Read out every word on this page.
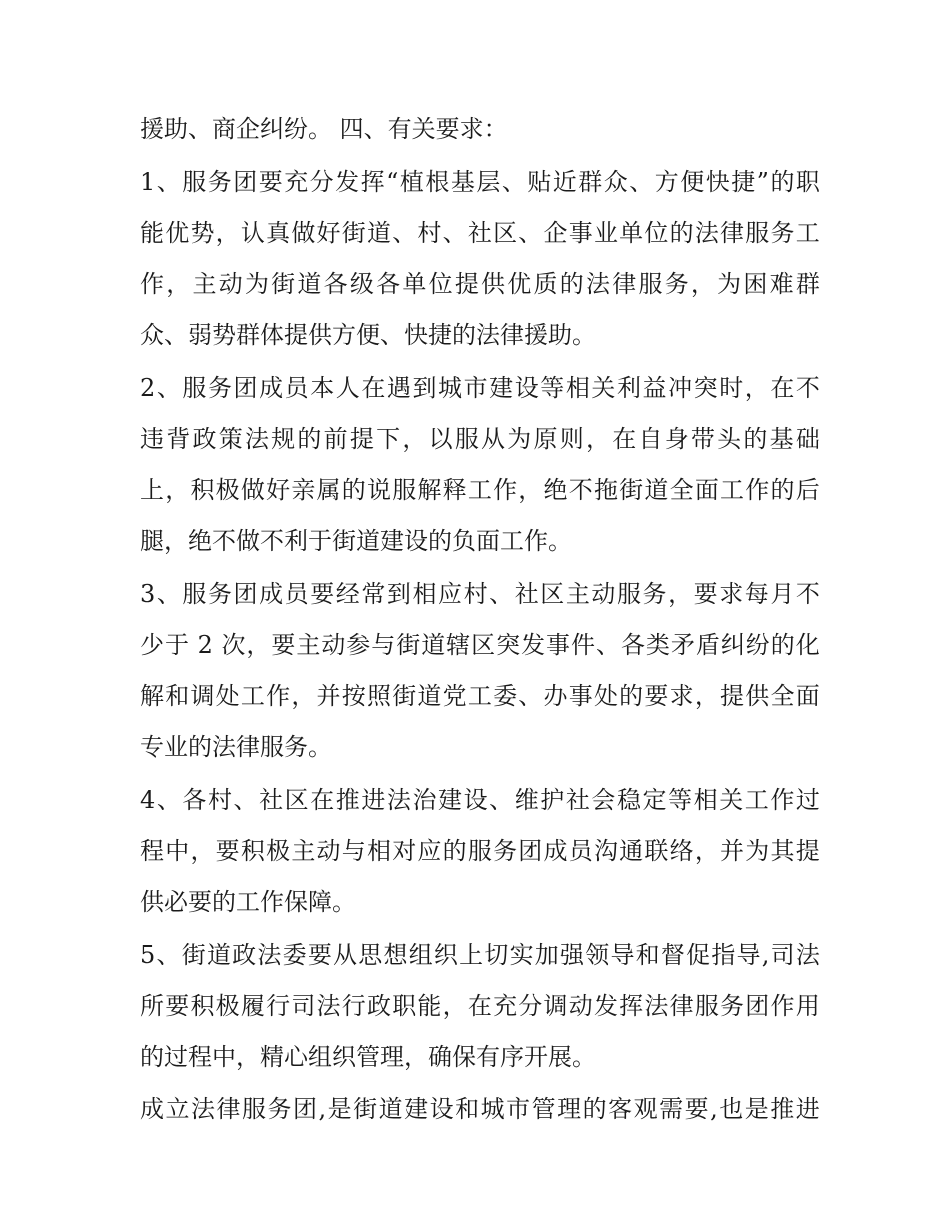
援助、商企纠纷。 四、有关要求：
1 、 服 务 团 要 充 分 发 挥 “ 植 根 基 层 、 贴 近 群 众 、 方 便 快 捷 ” 的 职
能 优 势 ， 认 真 做 好 街 道 、 村 、 社 区 、 企 事 业 单 位 的 法 律 服 务 工
作 ， 主 动 为 街 道 各 级 各 单 位 提 供 优 质 的 法 律 服 务 ， 为 困 难 群
众、弱势群体提供方便、快捷的法律援助。
2 、 服 务 团 成 员 本 人 在 遇 到 城 市 建 设 等 相 关 利 益 冲 突 时 ， 在 不
违 背 政 策 法 规 的 前 提 下 ， 以 服 从 为 原 则 ， 在 自 身 带 头 的 基 础
上 ， 积 极 做 好 亲 属 的 说 服 解 释 工 作 ， 绝 不 拖 街 道 全 面 工 作 的 后
腿，绝不做不利于街道建设的负面工作。
3 、 服 务 团 成 员 要 经 常 到 相 应 村 、 社 区 主 动 服 务 ， 要 求 每 月 不
少 于 2 次 ， 要 主 动 参 与 街 道 辖 区 突 发 事 件 、 各 类 矛 盾 纠 纷 的 化
解 和 调 处 工 作 ， 并 按 照 街 道 党 工 委 、 办 事 处 的 要 求 ， 提 供 全 面
专业的法律服务。
4 、 各 村 、 社 区 在 推 进 法 治 建 设 、 维 护 社 会 稳 定 等 相 关 工 作 过
程 中 ， 要 积 极 主 动 与 相 对 应 的 服 务 团 成 员 沟 通 联 络 ， 并 为 其 提
供必要的工作保障。
5 、 街 道 政 法 委 要 从 思 想 组 织 上 切 实 加 强 领 导 和 督 促 指 导 , 司 法
所 要 积 极 履 行 司 法 行 政 职 能 ， 在 充 分 调 动 发 挥 法 律 服 务 团 作 用
的过程中，精心组织管理，确保有序开展。
成 立 法 律 服 务 团 , 是 街 道 建 设 和 城 市 管 理 的 客 观 需 要 , 也 是 推 进
